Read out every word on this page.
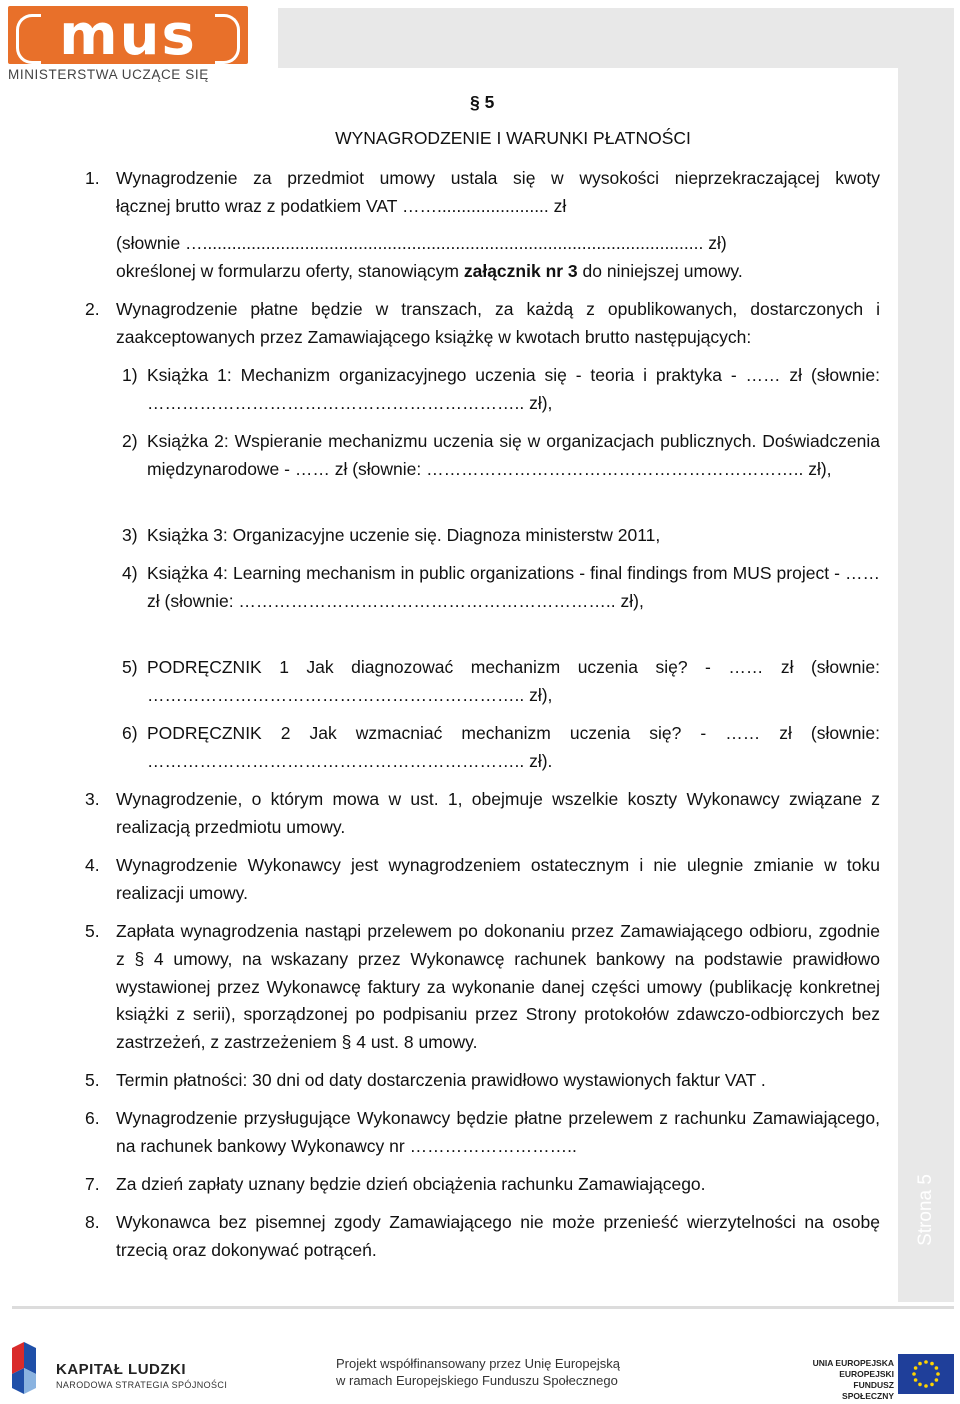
Strona 5
mus
MINISTERSTWA UCZĄCE SIĘ
§ 5
WYNAGRODZENIE I WARUNKI PŁATNOŚCI
1. Wynagrodzenie za przedmiot umowy ustala się w wysokości nieprzekraczającej kwoty
łącznej brutto wraz z podatkiem VAT ……....................... zł
(słownie …....................................................................................................... zł)
określonej w formularzu oferty, stanowiącym załącznik nr 3 do niniejszej umowy.
2. Wynagrodzenie płatne będzie w transzach, za każdą z opublikowanych, dostarczonych i zaakceptowanych przez Zamawiającego książkę w kwotach brutto następujących:
1) Książka 1: Mechanizm organizacyjnego uczenia się - teoria i praktyka - …… zł (słownie: ……………………………………………………….. zł),
2) Książka 2: Wspieranie mechanizmu uczenia się w organizacjach publicznych. Doświadczenia międzynarodowe - …… zł (słownie: ……………………………………………………….. zł),
3) Książka 3: Organizacyjne uczenie się. Diagnoza ministerstw 2011,
4) Książka 4: Learning mechanism in public organizations - final findings from MUS project - …… zł (słownie: ……………………………………………………….. zł),
5) PODRĘCZNIK 1 Jak diagnozować mechanizm uczenia się? - …… zł (słownie: ……………………………………………………….. zł),
6) PODRĘCZNIK 2 Jak wzmacniać mechanizm uczenia się? - …… zł (słownie: ……………………………………………………….. zł).
3. Wynagrodzenie, o którym mowa w ust. 1, obejmuje wszelkie koszty Wykonawcy związane z realizacją przedmiotu umowy.
4. Wynagrodzenie Wykonawcy jest wynagrodzeniem ostatecznym i nie ulegnie zmianie w toku realizacji umowy.
5. Zapłata wynagrodzenia nastąpi przelewem po dokonaniu przez Zamawiającego odbioru, zgodnie z § 4 umowy, na wskazany przez Wykonawcę rachunek bankowy na podstawie prawidłowo wystawionej przez Wykonawcę faktury za wykonanie danej części umowy (publikację konkretnej książki z serii), sporządzonej po podpisaniu przez Strony protokołów zdawczo-odbiorczych bez zastrzeżeń, z zastrzeżeniem § 4 ust. 8 umowy.
5. Termin płatności: 30 dni od daty dostarczenia prawidłowo wystawionych faktur VAT .
6. Wynagrodzenie przysługujące Wykonawcy będzie płatne przelewem z rachunku Zamawiającego, na rachunek bankowy Wykonawcy nr ………………………..
7. Za dzień zapłaty uznany będzie dzień obciążenia rachunku Zamawiającego.
8. Wykonawca bez pisemnej zgody Zamawiającego nie może przenieść wierzytelności na osobę trzecią oraz dokonywać potrąceń.
KAPITAŁ LUDZKI
NARODOWA STRATEGIA SPÓJNOŚCI
Projekt współfinansowany przez Unię Europejską
w ramach Europejskiego Funduszu Społecznego
UNIA EUROPEJSKA
EUROPEJSKI
FUNDUSZ SPOŁECZNY
